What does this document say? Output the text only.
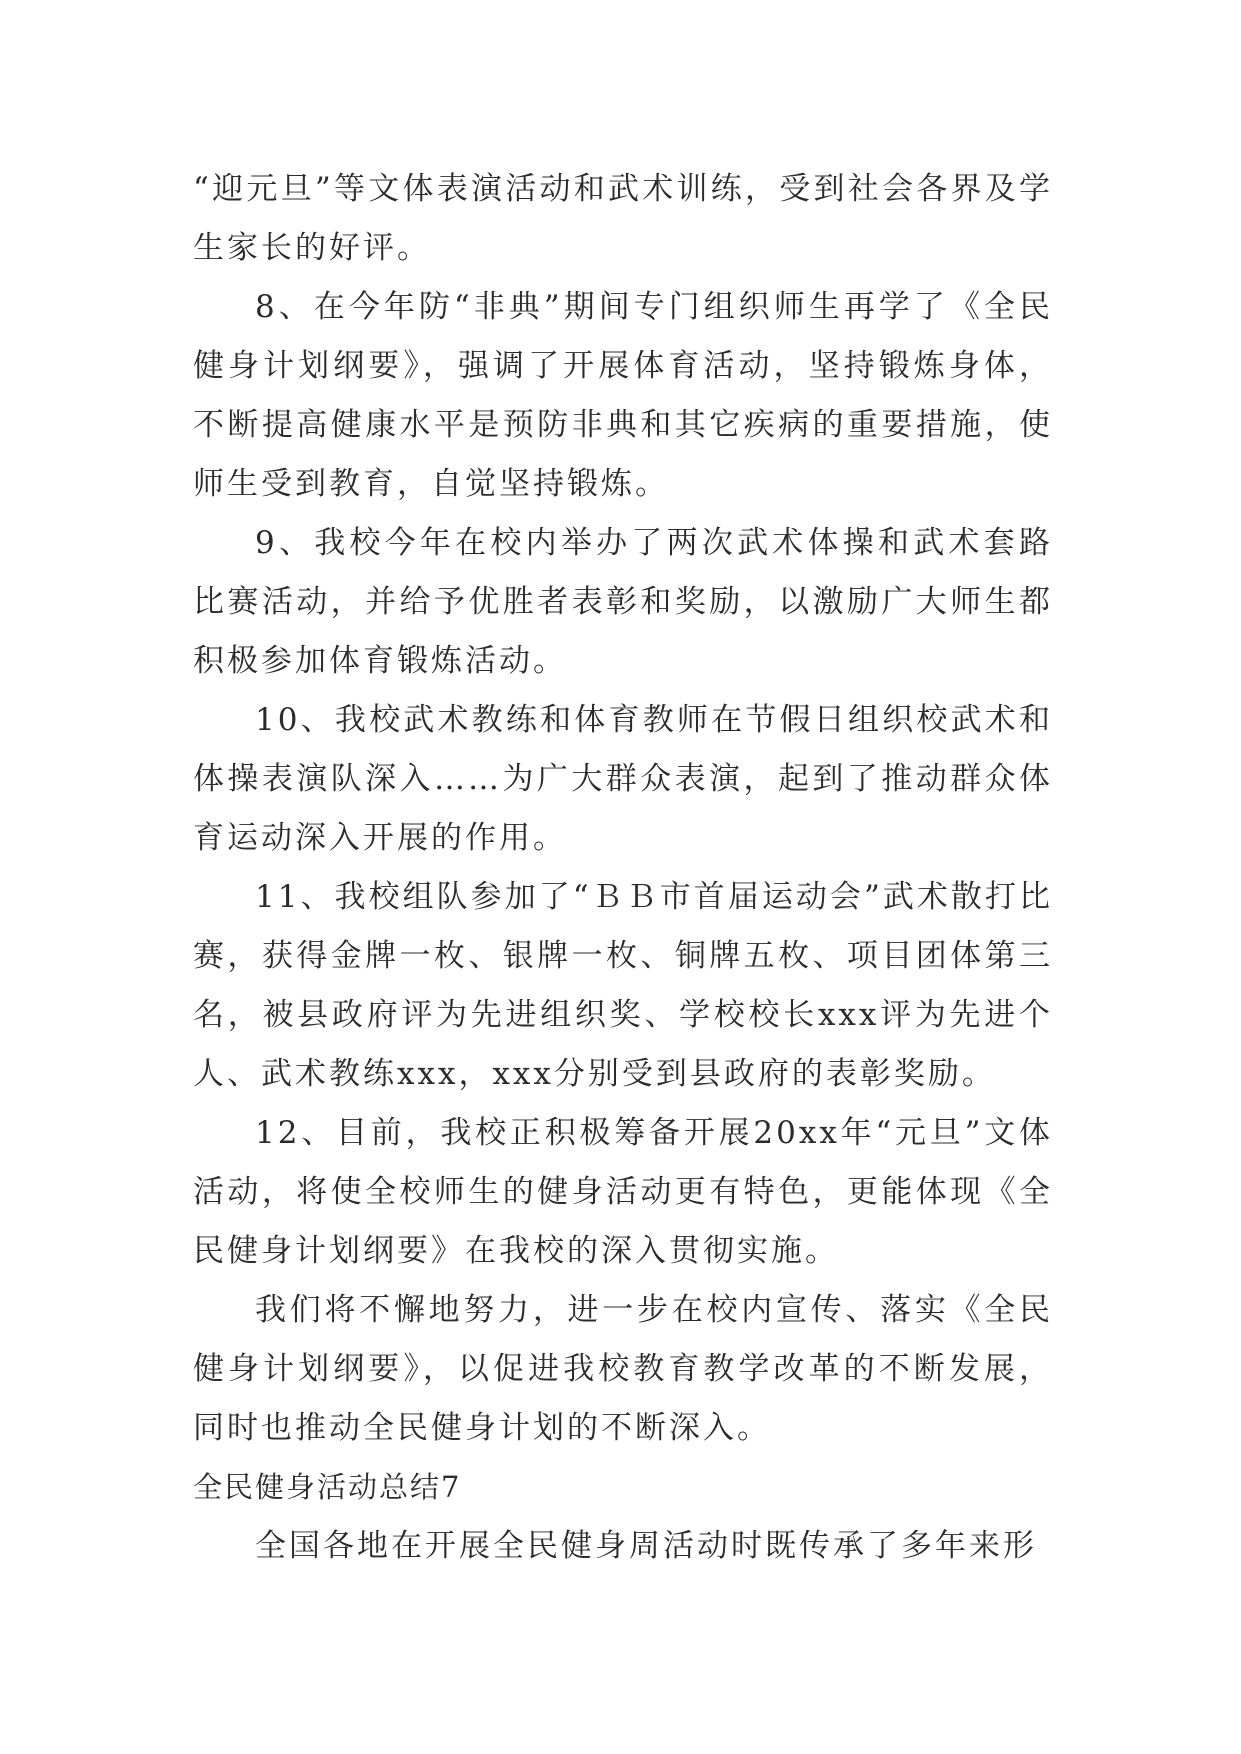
“迎元旦”等文体表演活动和武术训练，受到社会各界及学生家长的好评。

8、在今年防“非典”期间专门组织师生再学了《全民健身计划纲要》，强调了开展体育活动，坚持锻炼身体，不断提高健康水平是预防非典和其它疾病的重要措施，使师生受到教育，自觉坚持锻炼。

9、我校今年在校内举办了两次武术体操和武术套路比赛活动，并给予优胜者表彰和奖励，以激励广大师生都积极参加体育锻炼活动。

10、我校武术教练和体育教师在节假日组织校武术和体操表演队深入……为广大群众表演，起到了推动群众体育运动深入开展的作用。

11、我校组队参加了“ＢＢ市首届运动会”武术散打比赛，获得金牌一枚、银牌一枚、铜牌五枚、项目团体第三名，被县政府评为先进组织奖、学校校长xxx评为先进个人、武术教练xxx，xxx分别受到县政府的表彰奖励。

12、目前，我校正积极筹备开展20xx年“元旦”文体活动，将使全校师生的健身活动更有特色，更能体现《全民健身计划纲要》在我校的深入贯彻实施。

我们将不懈地努力，进一步在校内宣传、落实《全民健身计划纲要》，以促进我校教育教学改革的不断发展，同时也推动全民健身计划的不断深入。

全民健身活动总结7

全国各地在开展全民健身周活动时既传承了多年来形
